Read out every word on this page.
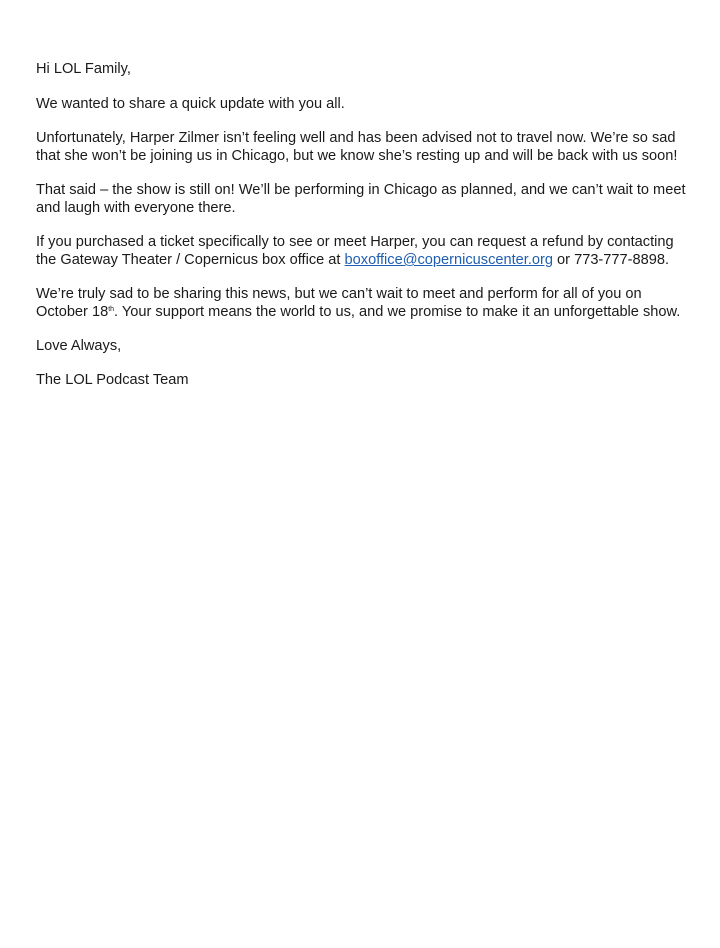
Hi LOL Family,

We wanted to share a quick update with you all.

Unfortunately, Harper Zilmer isn’t feeling well and has been advised not to travel now. We’re so sad that she won’t be joining us in Chicago, but we know she’s resting up and will be back with us soon!

That said – the show is still on! We’ll be performing in Chicago as planned, and we can’t wait to meet and laugh with everyone there.

If you purchased a ticket specifically to see or meet Harper, you can request a refund by contacting the Gateway Theater / Copernicus box office at boxoffice@copernicuscenter.org or 773-777-8898.

We’re truly sad to be sharing this news, but we can’t wait to meet and perform for all of you on October 18th. Your support means the world to us, and we promise to make it an unforgettable show.

Love Always,

The LOL Podcast Team
